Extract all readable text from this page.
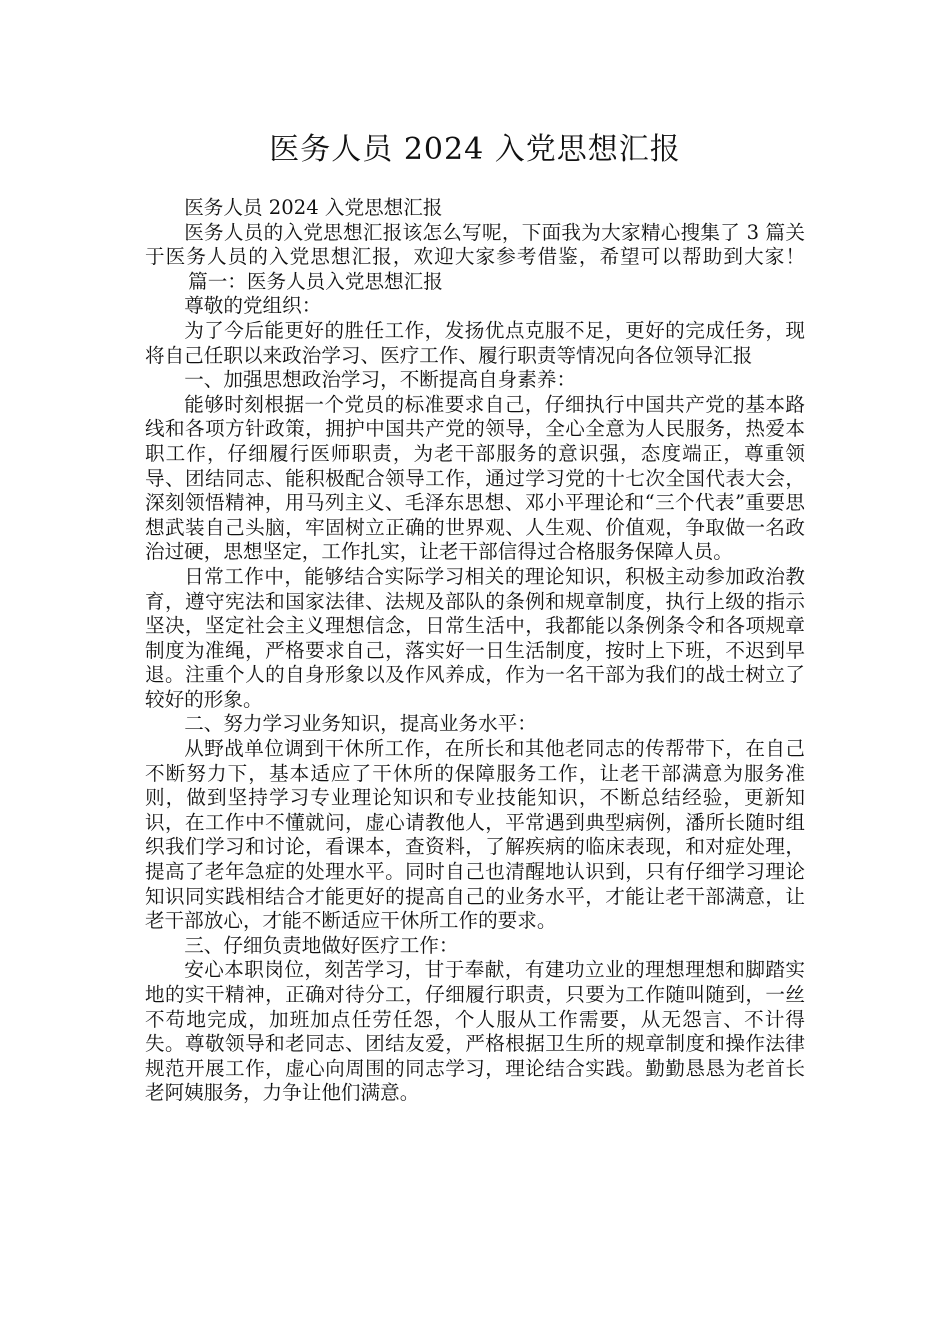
医务人员 2024 入党思想汇报

医务人员 2024 入党思想汇报

医务人员的入党思想汇报该怎么写呢，下面我为大家精心搜集了 3 篇关于医务人员的入党思想汇报，欢迎大家参考借鉴，希望可以帮助到大家！篇一：医务人员入党思想汇报

尊敬的党组织：

为了今后能更好的胜任工作，发扬优点克服不足，更好的完成任务，现将自己任职以来政治学习、医疗工作、履行职责等情况向各位领导汇报

一、加强思想政治学习，不断提高自身素养：

能够时刻根据一个党员的标准要求自己，仔细执行中国共产党的基本路线和各项方针政策，拥护中国共产党的领导，全心全意为人民服务，热爱本职工作，仔细履行医师职责，为老干部服务的意识强，态度端正，尊重领导、团结同志、能积极配合领导工作，通过学习党的十七次全国代表大会，深刻领悟精神，用马列主义、毛泽东思想、邓小平理论和“三个代表”重要思想武装自己头脑，牢固树立正确的世界观、人生观、价值观，争取做一名政治过硬，思想坚定，工作扎实，让老干部信得过合格服务保障人员。

日常工作中，能够结合实际学习相关的理论知识，积极主动参加政治教育，遵守宪法和国家法律、法规及部队的条例和规章制度，执行上级的指示坚决，坚定社会主义理想信念，日常生活中，我都能以条例条令和各项规章制度为准绳，严格要求自己，落实好一日生活制度，按时上下班，不迟到早退。注重个人的自身形象以及作风养成，作为一名干部为我们的战士树立了较好的形象。

二、努力学习业务知识，提高业务水平：

从野战单位调到干休所工作，在所长和其他老同志的传帮带下，在自己不断努力下，基本适应了干休所的保障服务工作，让老干部满意为服务准则，做到坚持学习专业理论知识和专业技能知识，不断总结经验，更新知识，在工作中不懂就问，虚心请教他人，平常遇到典型病例，潘所长随时组织我们学习和讨论，看课本，查资料，了解疾病的临床表现，和对症处理，提高了老年急症的处理水平。同时自己也清醒地认识到，只有仔细学习理论知识同实践相结合才能更好的提高自己的业务水平，才能让老干部满意，让老干部放心，才能不断适应干休所工作的要求。

三、仔细负责地做好医疗工作：

安心本职岗位，刻苦学习，甘于奉献，有建功立业的理想理想和脚踏实地的实干精神，正确对待分工，仔细履行职责，只要为工作随叫随到，一丝不苟地完成，加班加点任劳任怨，个人服从工作需要，从无怨言、不计得失。尊敬领导和老同志、团结友爱，严格根据卫生所的规章制度和操作法律规范开展工作，虚心向周围的同志学习，理论结合实践。勤勤恳恳为老首长老阿姨服务，力争让他们满意。
